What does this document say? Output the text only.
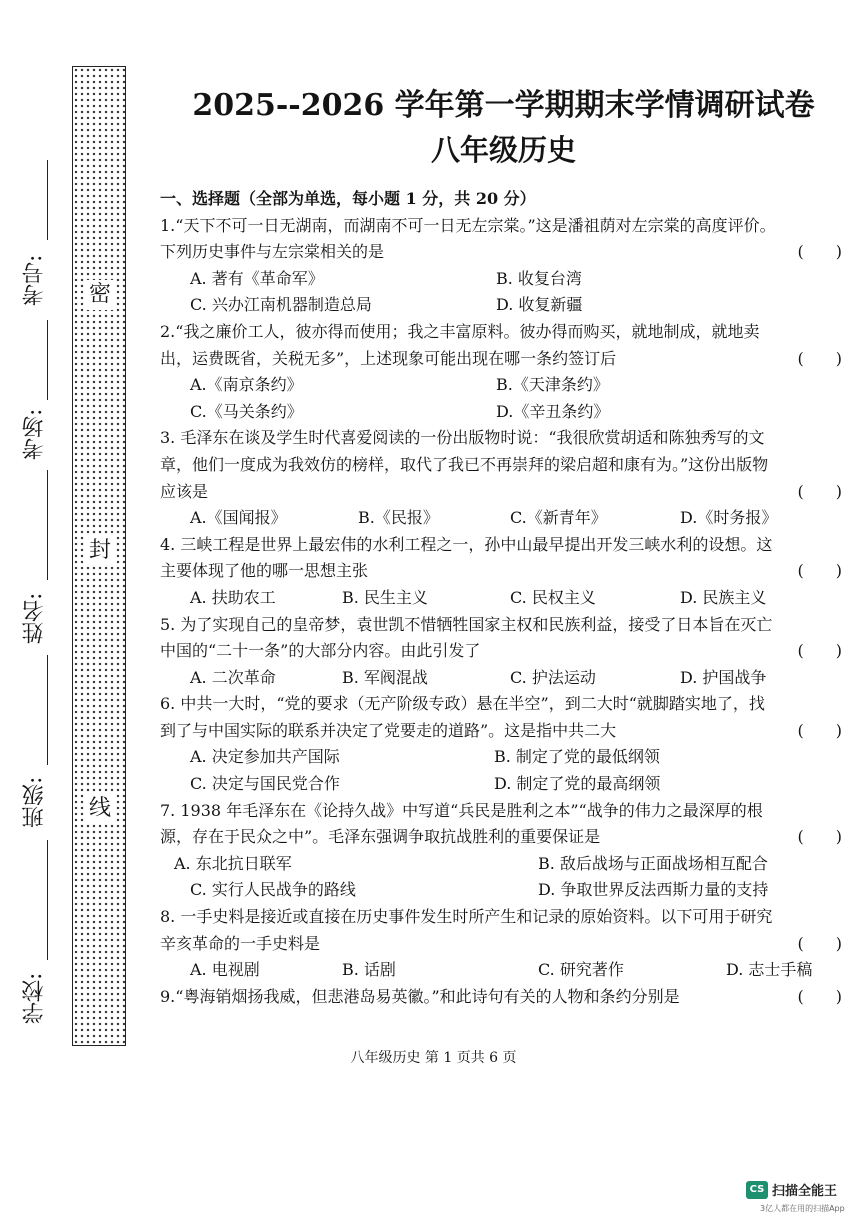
考号:
考场:
姓名:
班级:
学校:
密
封
线
2025--2026 学年第一学期期末学情调研试卷
八年级历史
一、选择题（全部为单选，每小题 1 分，共 20 分）
1.“天下不可一日无湖南，而湖南不可一日无左宗棠。”这是潘祖荫对左宗棠的高度评价。
下列历史事件与左宗棠相关的是	(　　)
A. 著有《革命军》	B. 收复台湾
C. 兴办江南机器制造总局	D. 收复新疆
2.“我之廉价工人，彼亦得而使用；我之丰富原料。彼办得而购买，就地制成，就地卖
出，运费既省，关税无多”，上述现象可能出现在哪一条约签订后	(　　)
A.《南京条约》	B.《天津条约》
C.《马关条约》	D.《辛丑条约》
3. 毛泽东在谈及学生时代喜爱阅读的一份出版物时说：“我很欣赏胡适和陈独秀写的文
章，他们一度成为我效仿的榜样，取代了我已不再崇拜的梁启超和康有为。”这份出版物
应该是	(　　)
A.《国闻报》	B.《民报》	C.《新青年》	D.《时务报》
4. 三峡工程是世界上最宏伟的水利工程之一，孙中山最早提出开发三峡水利的设想。这
主要体现了他的哪一思想主张	(　　)
A. 扶助农工	B. 民生主义	C. 民权主义	D. 民族主义
5. 为了实现自己的皇帝梦，袁世凯不惜牺牲国家主权和民族利益，接受了日本旨在灭亡
中国的“二十一条”的大部分内容。由此引发了	(　　)
A. 二次革命	B. 军阀混战	C. 护法运动	D. 护国战争
6. 中共一大时，“党的要求（无产阶级专政）悬在半空”，到二大时“就脚踏实地了，找
到了与中国实际的联系并决定了党要走的道路”。这是指中共二大	(　　)
A. 决定参加共产国际	B. 制定了党的最低纲领
C. 决定与国民党合作	D. 制定了党的最高纲领
7. 1938 年毛泽东在《论持久战》中写道“兵民是胜利之本”“战争的伟力之最深厚的根
源，存在于民众之中”。毛泽东强调争取抗战胜利的重要保证是	(　　)
A. 东北抗日联军	B. 敌后战场与正面战场相互配合
C. 实行人民战争的路线	D. 争取世界反法西斯力量的支持
8. 一手史料是接近或直接在历史事件发生时所产生和记录的原始资料。以下可用于研究
辛亥革命的一手史料是	(　　)
A. 电视剧	B. 话剧	C. 研究著作	D. 志士手稿
9.“粤海销烟扬我威，但悲港岛易英徽。”和此诗句有关的人物和条约分别是	(　　)
八年级历史 第 1 页共 6 页
CS 扫描全能王
3亿人都在用的扫描App
